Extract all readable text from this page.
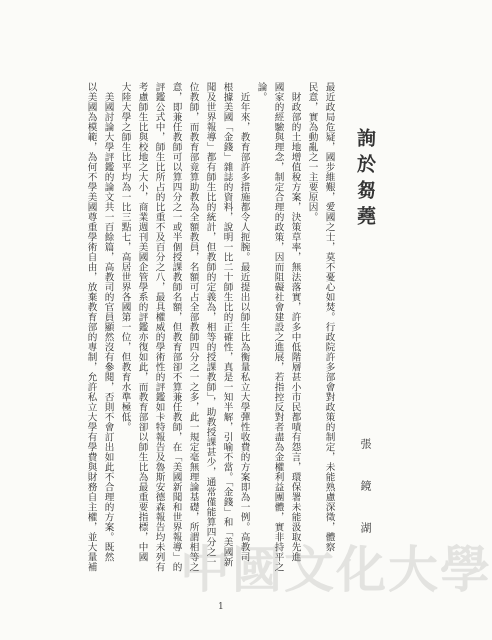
詢於芻蕘
張 鏡 湖
最近政局危疑，國步維艱，愛國之士，莫不憂心如焚。行政院許多部會對政策的制定，未能熟慮深徵，體察
民意，實為動亂之一主要原因。
財政部的土地增值稅方案，決策草率，無法落實，許多中低階層甚小市民都嘖有怨言，環保署未能汲取先進
國家的經驗與理念，制定合理的政策，因而阻礙社會建設之進展，若指控反對者盡為金權利益團體，實非持平之
論。
近年來，教育部許多措施都令人扼腕。最近提出以師生比為衡量私立大學彈性收費的方案即為一例。高教司
根據美國「金錢」雜誌的資料，說明一比二十師生比的正確性，真是一知半解，引喻不當。「金錢」和「美國新
聞及世界報導」都有師生比的統計，但教師的定義為，相等的授課教師」，助教授課甚少，通常僅能算四分之一
位教師，而教育部竟算助教為全額教員，名額可占全部教師四分之一之多，此一規定毫無理論基礎，所謂相等之
意，即兼任教師可以算四分之一或半個授課教師名額，但教育部卻不算兼任教師，在「美國新聞和世界報導」的
評鑑公式中，師生比所占的比重不及百分之八，最具權威的學術性的評鑑如卡特報告及魯斯安德森報告均未列有
考慮師生比與校地之大小，商業週刊美國企管學系的評鑑亦復如此，而教育部卻以師生比為最重要指標，中國
大陸大學之師生比平均為一比三點七，高居世界各國第一位，但教育水準極低。
美國討論大學評鑑的論文共一百餘篇，高教司的官員顯然沒有參閱，否則不會訂出如此不合理的方案。既然
以美國為模範，為何不學美國尊重學術自由，放棄教育部的專制，允許私立大學有學費與財務自主權，並大量補 中國文化大學
1
